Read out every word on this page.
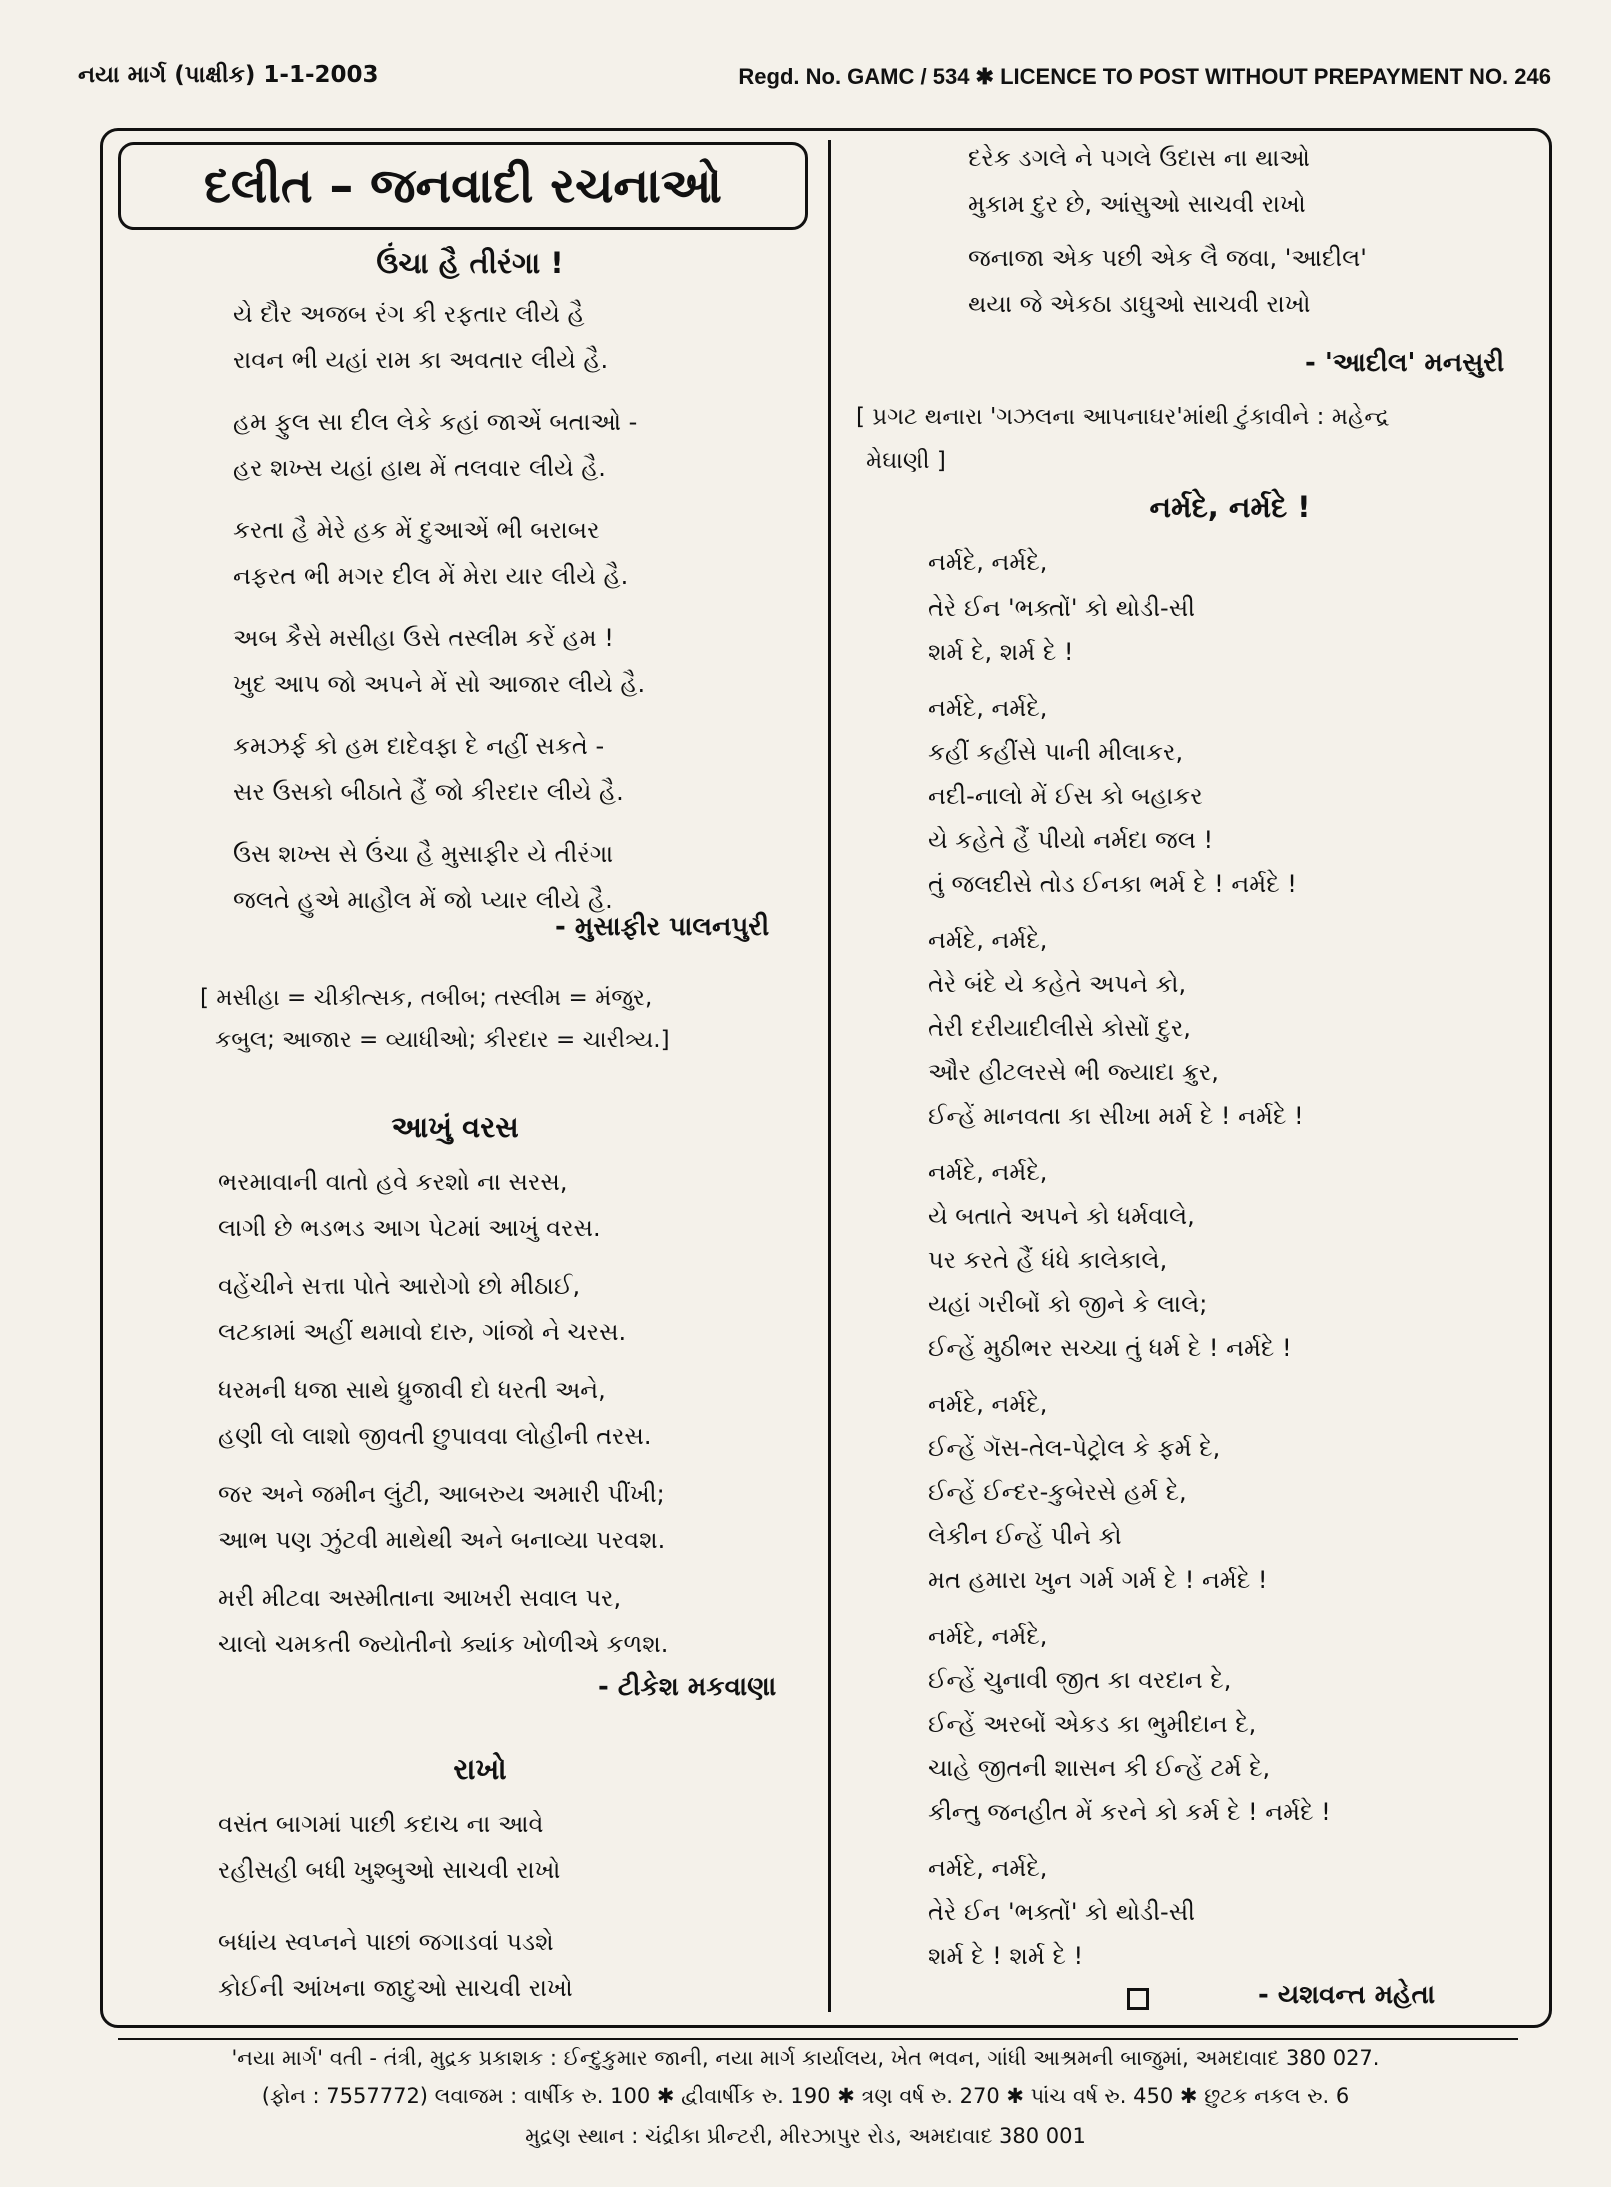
નયા માર્ગ (પાક્ષીક) 1-1-2003	Regd. No. GAMC / 534 ✱ LICENCE TO POST WITHOUT PREPAYMENT NO. 246
દલીત – જનવાદી રચનાઓ
ઉંચા હૈ તીરંગા !
યે દૌર અજબ રંગ કી રફતાર લીયે હૈ
રાવન ભી યહાં રામ કા અવતાર લીયે હૈ.
હમ ફુલ સા દીલ લેકે કહાં જાએં બતાઓ -
હર શખ્સ યહાં હાથ મેં તલવાર લીયે હૈ.
કરતા હૈ મેરે હક મેં દુઆએં ભી બરાબર
નફરત ભી મગર દીલ મેં મેરા યાર લીયે હૈ.
અબ કૈસે મસીહા ઉસે તસ્લીમ કરેં હમ !
ખુદ આપ જો અપને મેં સો આજાર લીયે હૈ.
કમઝર્ફ કો હમ દાદેવફા દે નહીં સકતે -
સર ઉસકો બીઠાતે હૈં જો કીરદાર લીયે હૈ.
ઉસ શખ્સ સે ઉંચા હૈ મુસાફીર યે તીરંગા
જલતે હુએ માહૌલ મેં જો પ્યાર લીયે હૈ.
- મુસાફીર પાલનપુરી
[ મસીહા = ચીકીત્સક, તબીબ; તસ્લીમ = મંજુર,
કબુલ; આજાર = વ્યાધીઓ; કીરદાર = ચારીત્ર્ય.]
આખું વરસ
ભરમાવાની વાતો હવે કરશો ના સરસ,
લાગી છે ભડભડ આગ પેટમાં આખું વરસ.
વહેંચીને સત્તા પોતે આરોગો છો મીઠાઈ,
લટકામાં અહીં થમાવો દારુ, ગાંજો ને ચરસ.
ધરમની ધજા સાથે ધ્રુજાવી દો ધરતી અને,
હણી લો લાશો જીવતી છુપાવવા લોહીની તરસ.
જર અને જમીન લુંટી, આબરુય અમારી પીંખી;
આભ પણ ઝુંટવી માથેથી અને બનાવ્યા પરવશ.
મરી મીટવા અસ્મીતાના આખરી સવાલ પર,
ચાલો ચમકતી જ્યોતીનો ક્યાંક ખોળીએ કળશ.
- ટીકેશ મકવાણા
રાખો
વસંત બાગમાં પાછી કદાચ ના આવે
રહીસહી બધી ખુશ્બુઓ સાચવી રાખો
બધાંય સ્વપ્નને પાછાં જગાડવાં પડશે
કોઈની આંખના જાદુઓ સાચવી રાખો
દરેક ડગલે ને પગલે ઉદાસ ના થાઓ
મુકામ દુર છે, આંસુઓ સાચવી રાખો
જનાજા એક પછી એક લૈ જવા, 'આદીલ'
થયા જે એકઠા ડાઘુઓ સાચવી રાખો
- 'આદીલ' મનસુરી
[ પ્રગટ થનારા 'ગઝલના આપનાઘર'માંથી ટુંકાવીને : મહેન્દ્ર
મેઘાણી ]
નર્મદે, નર્મદે !
નર્મદે, નર્મદે,
તેરે ઈન 'ભક્તોં' કો થોડી-સી
શર્મ દે, શર્મ દે !
નર્મદે, નર્મદે,
કહીં કહીંસે પાની મીલાકર,
નદી-નાલો મેં ઈસ કો બહાકર
યે કહેતે હૈં પીયો નર્મદા જલ !
તું જલદીસે તોડ ઈનકા ભર્મ દે ! નર્મદે !
નર્મદે, નર્મદે,
તેરે બંદે યે કહેતે અપને કો,
તેરી દરીયાદીલીસે કોસોં દુર,
ઔર હીટલરસે ભી જ્યાદા ક્રુર,
ઈન્હેં માનવતા કા સીખા મર્મ દે ! નર્મદે !
નર્મદે, નર્મદે,
યે બતાતે અપને કો ધર્મવાલે,
પર કરતે હૈં ધંધે કાલેકાલે,
યહાં ગરીબોં કો જીને કે લાલે;
ઈન્હેં મુઠીભર સચ્ચા તું ધર્મ દે ! નર્મદે !
નર્મદે, નર્મદે,
ઈન્હેં ગૅસ-તેલ-પેટ્રોલ કે ફર્મ દે,
ઈન્હેં ઈન્દર-કુબેરસે હર્મ દે,
લેકીન ઈન્હેં પીને કો
મત હમારા ખુન ગર્મ ગર્મ દે ! નર્મદે !
નર્મદે, નર્મદે,
ઈન્હેં ચુનાવી જીત કા વરદાન દે,
ઈન્હેં અરબોં એકડ કા ભુમીદાન દે,
ચાહે જીતની શાસન કી ઈન્હેં ટર્મ દે,
કીન્તુ જનહીત મેં કરને કો કર્મ દે ! નર્મદે !
નર્મદે, નર્મદે,
તેરે ઈન 'ભક્તોં' કો થોડી-સી
શર્મ દે ! શર્મ દે !
- યશવન્ત મહેતા
'નયા માર્ગ' વતી - તંત્રી, મુદ્રક પ્રકાશક : ઈન્દુકુમાર જાની, નયા માર્ગ કાર્યાલય, ખેત ભવન, ગાંધી આશ્રમની બાજુમાં, અમદાવાદ 380 027.
(ફોન : 7557772) લવાજમ : વાર્ષીક રુ. 100 ✱ દ્વીવાર્ષીક રુ. 190 ✱ ત્રણ વર્ષ રુ. 270 ✱ પાંચ વર્ષ રુ. 450 ✱ છુટક નકલ રુ. 6
મુદ્રણ સ્થાન : ચંદ્રીકા પ્રીન્ટરી, મીરઝાપુર રોડ, અમદાવાદ 380 001
